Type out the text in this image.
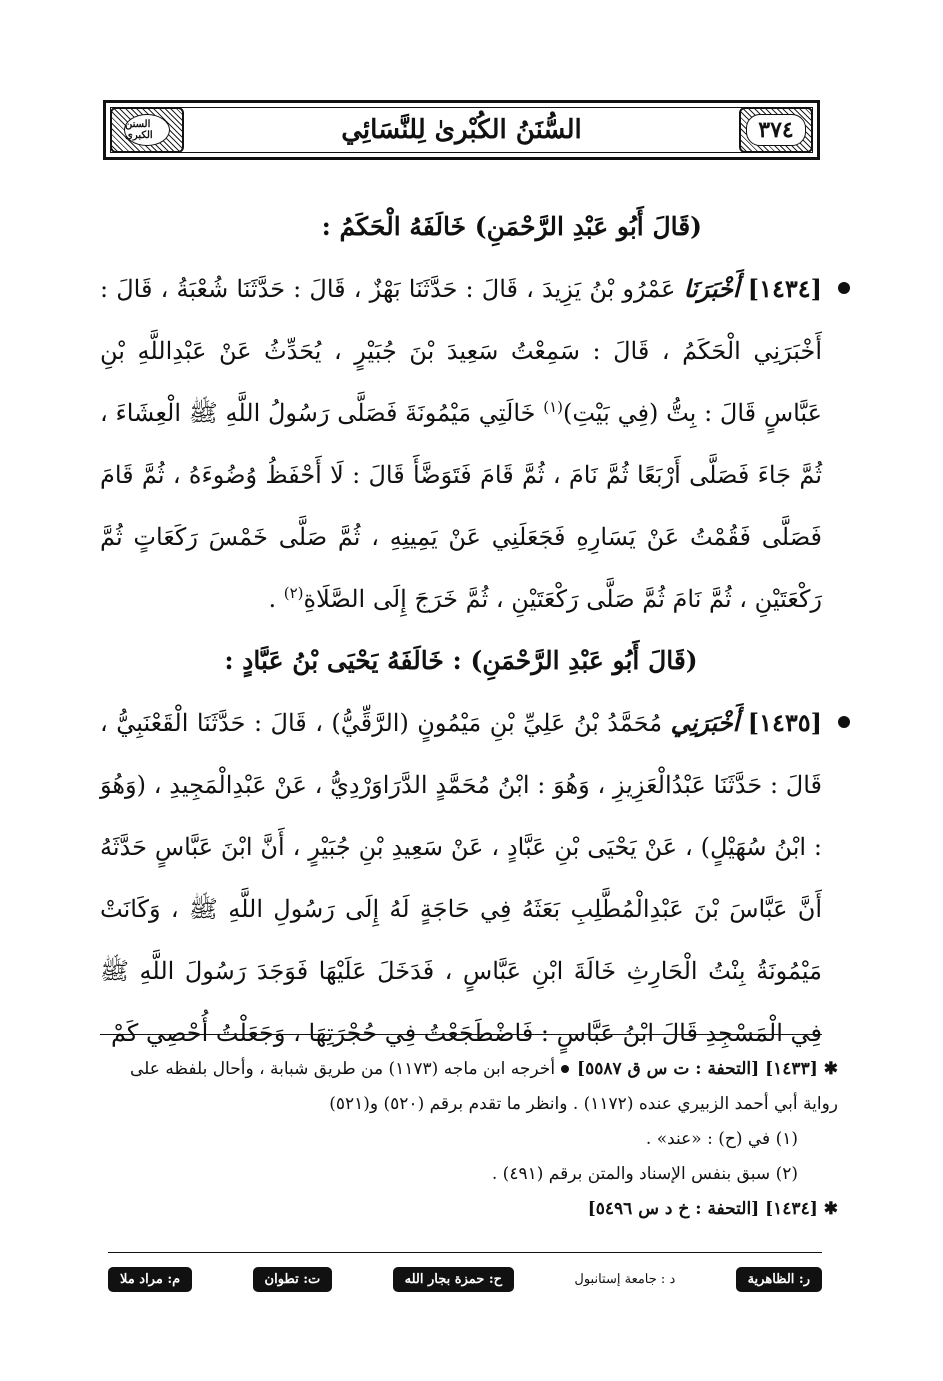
السنن الكبرى	السُّنَنُ الكُبْرىٰ لِلنَّسَائِي	٣٧٤
(قَالَ أَبُو عَبْدِ الرَّحْمَنِ) خَالَفَهُ الْحَكَمُ :
[١٤٣٤] أَخْبَرَنَا عَمْرُو بْنُ يَزِيدَ ، قَالَ : حَدَّثَنَا بَهْزٌ ، قَالَ : حَدَّثَنَا شُعْبَةُ ، قَالَ : أَخْبَرَنِي الْحَكَمُ ، قَالَ : سَمِعْتُ سَعِيدَ بْنَ جُبَيْرٍ ، يُحَدِّثُ عَنْ عَبْدِاللَّهِ بْنِ عَبَّاسٍ قَالَ : بِتُّ (فِي بَيْتِ)$^{(١)}$ خَالَتِي مَيْمُونَةَ فَصَلَّى رَسُولُ اللَّهِ ﷺ الْعِشَاءَ ، ثُمَّ جَاءَ فَصَلَّى أَرْبَعًا ثُمَّ نَامَ ، ثُمَّ قَامَ فَتَوَضَّأَ قَالَ : لَا أَحْفَظُ وُضُوءَهُ ، ثُمَّ قَامَ فَصَلَّى فَقُمْتُ عَنْ يَسَارِهِ فَجَعَلَنِي عَنْ يَمِينِهِ ، ثُمَّ صَلَّى خَمْسَ رَكَعَاتٍ ثُمَّ رَكْعَتَيْنِ ، ثُمَّ نَامَ ثُمَّ صَلَّى رَكْعَتَيْنِ ، ثُمَّ خَرَجَ إِلَى الصَّلَاةِ$^{(٢)}$ .
(قَالَ أَبُو عَبْدِ الرَّحْمَنِ) : خَالَفَهُ يَحْيَى بْنُ عَبَّادٍ :
[١٤٣٥] أَخْبَرَنِي مُحَمَّدُ بْنُ عَلِيِّ بْنِ مَيْمُونٍ (الرَّقِّيُّ) ، قَالَ : حَدَّثَنَا الْقَعْنَبِيُّ ، قَالَ : حَدَّثَنَا عَبْدُالْعَزِيزِ ، وَهُوَ : ابْنُ مُحَمَّدٍ الدَّرَاوَرْدِيُّ ، عَنْ عَبْدِالْمَجِيدِ ، (وَهُوَ : ابْنُ سُهَيْلٍ) ، عَنْ يَحْيَى بْنِ عَبَّادٍ ، عَنْ سَعِيدِ بْنِ جُبَيْرٍ ، أَنَّ ابْنَ عَبَّاسٍ حَدَّثَهُ أَنَّ عَبَّاسَ بْنَ عَبْدِالْمُطَّلِبِ بَعَثَهُ فِي حَاجَةٍ لَهُ إِلَى رَسُولِ اللَّهِ ﷺ ، وَكَانَتْ مَيْمُونَةُ بِنْتُ الْحَارِثِ خَالَةَ ابْنِ عَبَّاسٍ ، فَدَخَلَ عَلَيْهَا فَوَجَدَ رَسُولَ اللَّهِ ﷺ فِي الْمَسْجِدِ قَالَ ابْنُ عَبَّاسٍ : فَاضْطَجَعْتُ فِي حُجْرَتِهَا ، وَجَعَلْتُ أُحْصِي كَمْ
✱[١٤٣٣] [التحفة : ت س ق ٥٥٨٧]أخرجه ابن ماجه (١١٧٣) من طريق شبابة ، وأحال بلفظه على رواية أبي أحمد الزبيري عنده (١١٧٢) . وانظر ما تقدم برقم (٥٢٠) و(٥٢١)
(١) في (ح) : «عند» .
(٢) سبق بنفس الإسناد والمتن برقم (٤٩١) .
✱[١٤٣٤] [التحفة : خ د س ٥٤٩٦]
م: مراد ملا	ت: تطوان	ح: حمزة بجار الله	د : جامعة إستانبول	ر: الظاهرية
